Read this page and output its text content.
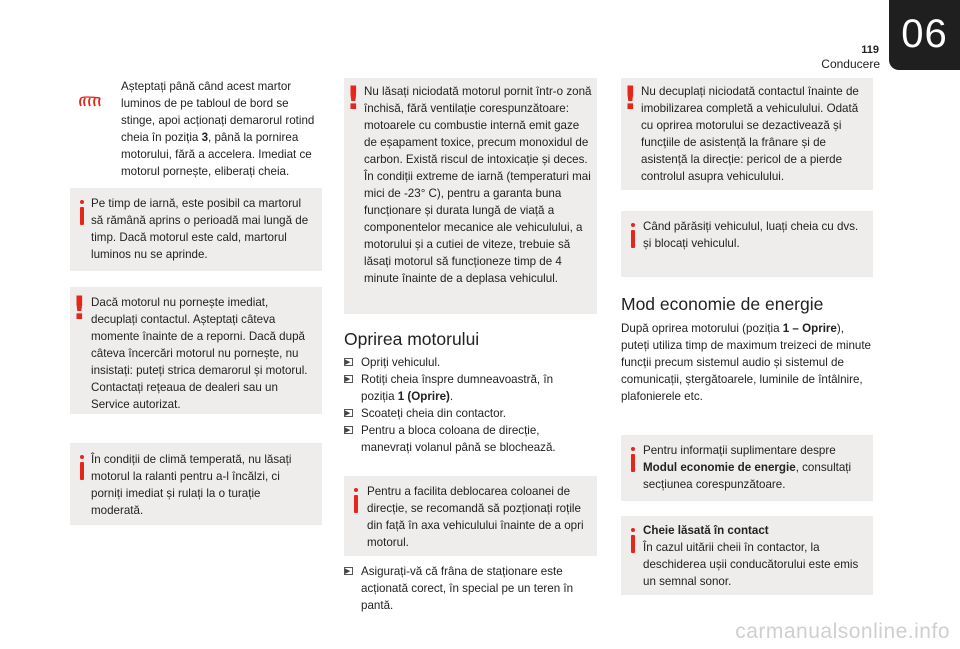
119
Conducere
06
Așteptați până când acest martor luminos de pe tabloul de bord se stinge, apoi acționați demarorul rotind cheia în poziția 3, până la pornirea motorului, fără a accelera. Imediat ce motorul pornește, eliberați cheia.
Pe timp de iarnă, este posibil ca martorul să rămână aprins o perioadă mai lungă de timp. Dacă motorul este cald, martorul luminos nu se aprinde.
! Dacă motorul nu pornește imediat, decuplați contactul. Așteptați câteva momente înainte de a reporni. Dacă după câteva încercări motorul nu pornește, nu insistați: puteți strica demarorul și motorul. Contactați rețeaua de dealeri sau un Service autorizat.
În condiții de climă temperată, nu lăsați motorul la ralanti pentru a-l încălzi, ci porniți imediat și rulați la o turație moderată.
! Nu lăsați niciodată motorul pornit într-o zonă închisă, fără ventilație corespunzătoare: motoarele cu combustie internă emit gaze de eșapament toxice, precum monoxidul de carbon. Există riscul de intoxicație și deces. În condiții extreme de iarnă (temperaturi mai mici de -23° C), pentru a garanta buna funcționare și durata lungă de viață a componentelor mecanice ale vehiculului, a motorului și a cutiei de viteze, trebuie să lăsați motorul să funcționeze timp de 4 minute înainte de a deplasa vehiculul.
Oprirea motorului
▶ Opriți vehiculul.
▶ Rotiți cheia înspre dumneavoastră, în poziția 1 (Oprire).
▶ Scoateți cheia din contactor.
▶ Pentru a bloca coloana de direcție, manevrați volanul până se blochează.
Pentru a facilita deblocarea coloanei de direcție, se recomandă să pozționați roțile din față în axa vehiculului înainte de a opri motorul.
▶ Asigurați-vă că frâna de staționare este acționată corect, în special pe un teren în pantă.
! Nu decuplați niciodată contactul înainte de imobilizarea completă a vehiculului. Odată cu oprirea motorului se dezactivează și funcțiile de asistență la frânare și de asistență la direcție: pericol de a pierde controlul asupra vehiculului.
Când părăsiți vehiculul, luați cheia cu dvs. și blocați vehiculul.
Mod economie de energie
După oprirea motorului (poziția 1 – Oprire), puteți utiliza timp de maximum treizeci de minute funcții precum sistemul audio și sistemul de comunicații, ștergătoarele, luminile de întâlnire, plafonierele etc.
Pentru informații suplimentare despre Modul economie de energie, consultați secțiunea corespunzătoare.
Cheie lăsată în contact
În cazul uitării cheii în contactor, la deschiderea ușii conducătorului este emis un semnal sonor.
carmanualsonline.info
